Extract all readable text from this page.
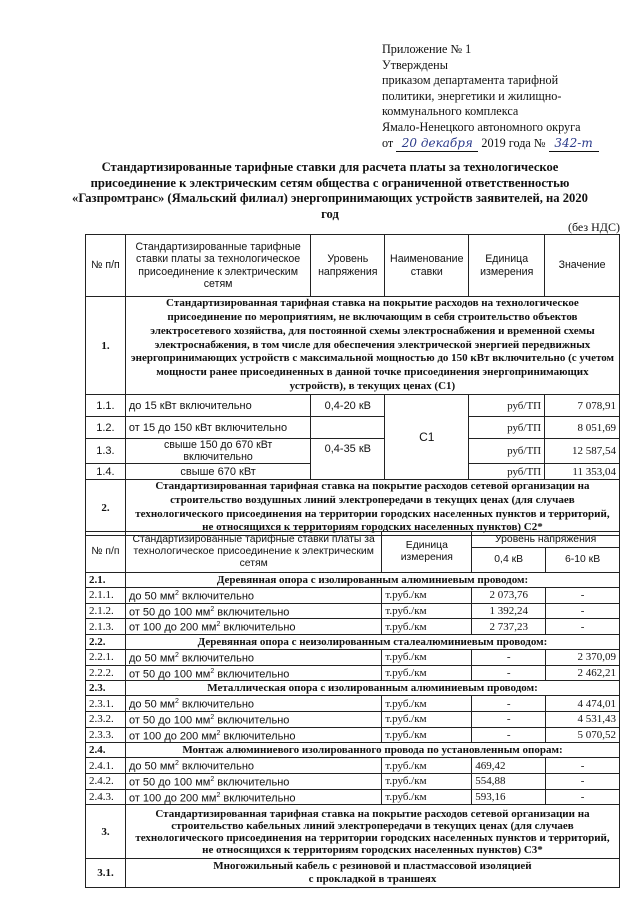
Приложение № 1
Утверждены
приказом департамента тарифной
политики, энергетики и жилищно-
коммунального комплекса
Ямало-Ненецкого автономного округа
от 20 декабря 2019 года № 342-т
Стандартизированные тарифные ставки для расчета платы за технологическое присоединение к электрическим сетям общества с ограниченной ответственностью «Газпромтранс» (Ямальский филиал) энергопринимающих устройств заявителей, на 2020 год
(без НДС)
№ п/п	Стандартизированные тарифные ставки платы за технологическое присоединение к электрическим сетям	Уровень напряжения	Наименование ставки	Единица измерения	Значение
1.	Стандартизированная тарифная ставка на покрытие расходов на технологическое присоединение по мероприятиям, не включающим в себя строительство объектов электросетевого хозяйства, для постоянной схемы электроснабжения и временной схемы электроснабжения, в том числе для обеспечения электрической энергией передвижных энергопринимающих устройств с максимальной мощностью до 150 кВт включительно (с учетом мощности ранее присоединенных в данной точке присоединения энергопринимающих устройств), в текущих ценах (С1)				
1.1.	до 15 кВт включительно	0,4-20 кВ	С1	руб/ТП	7 078,91
1.2.	от 15 до 150 кВт включительно			руб/ТП	8 051,69
1.3.	свыше 150 до 670 кВт включительно	0,4-35 кВ		руб/ТП	12 587,54
1.4.	свыше 670 кВт			руб/ТП	11 353,04
2.	Стандартизированная тарифная ставка на покрытие расходов сетевой организации на строительство воздушных линий электропередачи в текущих ценах (для случаев технологического присоединения на территории городских населенных пунктов и территорий, не относящихся к территориям городских населенных пунктов) С2*				
№ п/п	Стандартизированные тарифные ставки платы за технологическое присоединение к электрическим сетям	Единица измерения	Уровень напряжения	
			0,4 кВ	6-10 кВ
2.1.	Деревянная опора с изолированным алюминиевым проводом:			
2.1.1.	до 50 $мм^2$ включительно	т.руб./км	2 073,76	-
2.1.2.	от 50 до 100 $мм^2$ включительно	т.руб./км	1 392,24	-
2.1.3.	от 100 до 200 $мм^2$ включительно	т.руб./км	2 737,23	-
2.2.	Деревянная опора с неизолированным сталеалюминиевым проводом:			
2.2.1.	до 50 $мм^2$ включительно	т.руб./км	-	2 370,09
2.2.2.	от 50 до 100 $мм^2$ включительно	т.руб./км	-	2 462,21
2.3.	Металлическая опора с изолированным алюминиевым проводом:			
2.3.1.	до 50 $мм^2$ включительно	т.руб./км	-	4 474,01
2.3.2.	от 50 до 100 $мм^2$ включительно	т.руб./км	-	4 531,43
2.3.3.	от 100 до 200 $мм^2$ включительно	т.руб./км	-	5 070,52
2.4.	Монтаж алюминиевого изолированного провода по установленным опорам:			
2.4.1.	до 50 $мм^2$ включительно	т.руб./км	469,42	-
2.4.2.	от 50 до 100 $мм^2$ включительно	т.руб./км	554,88	-
2.4.3.	от 100 до 200 $мм^2$ включительно	т.руб./км	593,16	-
3.	Стандартизированная тарифная ставка на покрытие расходов сетевой организации на строительство кабельных линий электропередачи в текущих ценах (для случаев технологического присоединения на территории городских населенных пунктов и территорий, не относящихся к территориям городских населенных пунктов) С3*			
3.1.	Многожильный кабель с резиновой и пластмассовой изоляцией
с прокладкой в траншеях			
